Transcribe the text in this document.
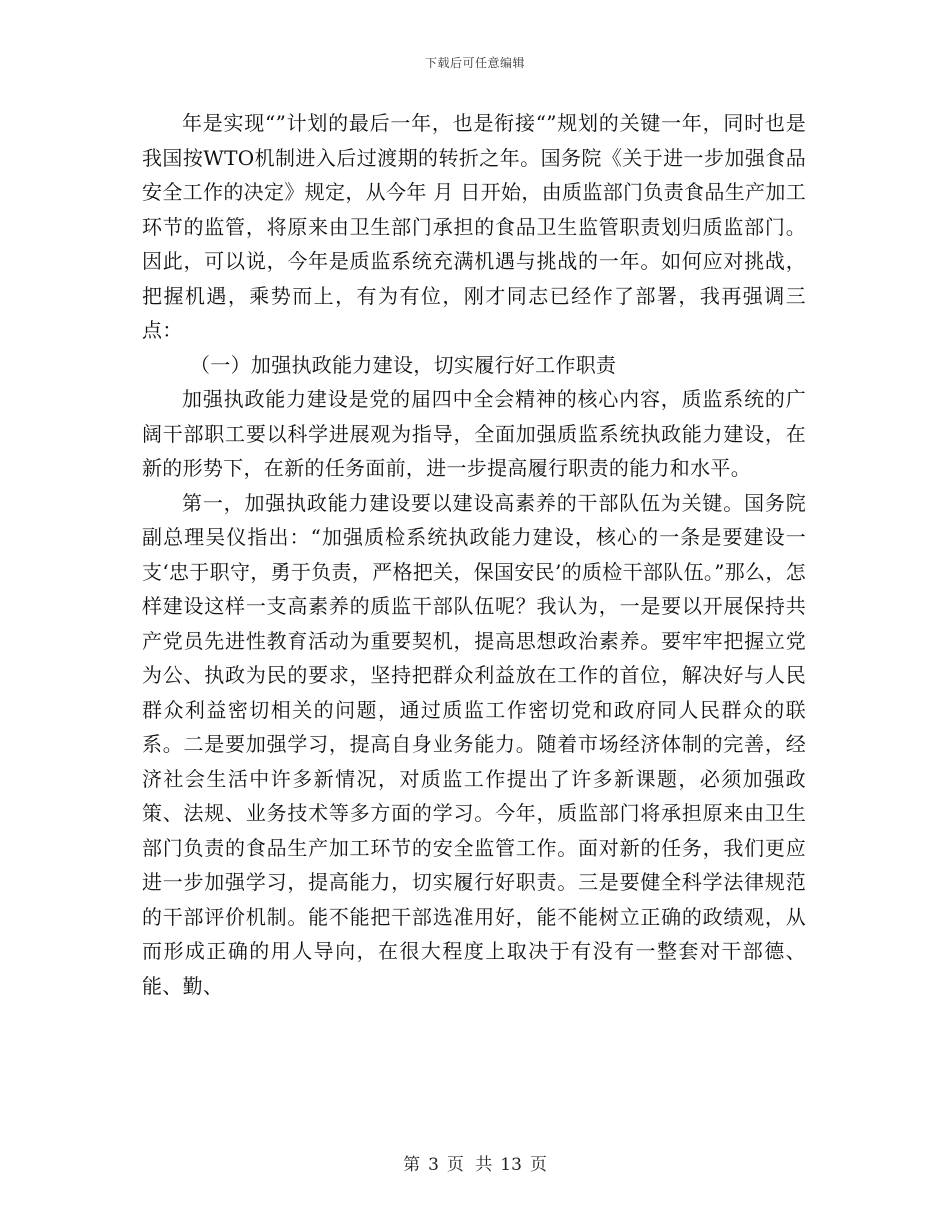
下载后可任意编辑

年是实现“”计划的最后一年，也是衔接“”规划的关键一年，同时也是我国按WTO机制进入后过渡期的转折之年。国务院《关于进一步加强食品安全工作的决定》规定，从今年 月 日开始，由质监部门负责食品生产加工环节的监管，将原来由卫生部门承担的食品卫生监管职责划归质监部门。因此，可以说，今年是质监系统充满机遇与挑战的一年。如何应对挑战，把握机遇，乘势而上，有为有位，刚才同志已经作了部署，我再强调三点：

（一）加强执政能力建设，切实履行好工作职责

加强执政能力建设是党的届四中全会精神的核心内容，质监系统的广阔干部职工要以科学进展观为指导，全面加强质监系统执政能力建设，在新的形势下，在新的任务面前，进一步提高履行职责的能力和水平。

第一，加强执政能力建设要以建设高素养的干部队伍为关键。国务院副总理吴仪指出：“加强质检系统执政能力建设，核心的一条是要建设一支‘忠于职守，勇于负责，严格把关，保国安民’的质检干部队伍。”那么，怎样建设这样一支高素养的质监干部队伍呢？我认为，一是要以开展保持共产党员先进性教育活动为重要契机，提高思想政治素养。要牢牢把握立党为公、执政为民的要求，坚持把群众利益放在工作的首位，解决好与人民群众利益密切相关的问题，通过质监工作密切党和政府同人民群众的联系。二是要加强学习，提高自身业务能力。随着市场经济体制的完善，经济社会生活中许多新情况，对质监工作提出了许多新课题，必须加强政策、法规、业务技术等多方面的学习。今年，质监部门将承担原来由卫生部门负责的食品生产加工环节的安全监管工作。面对新的任务，我们更应进一步加强学习，提高能力，切实履行好职责。三是要健全科学法律规范的干部评价机制。能不能把干部选准用好，能不能树立正确的政绩观，从而形成正确的用人导向，在很大程度上取决于有没有一整套对干部德、能、勤、

第 3 页 共 13 页
